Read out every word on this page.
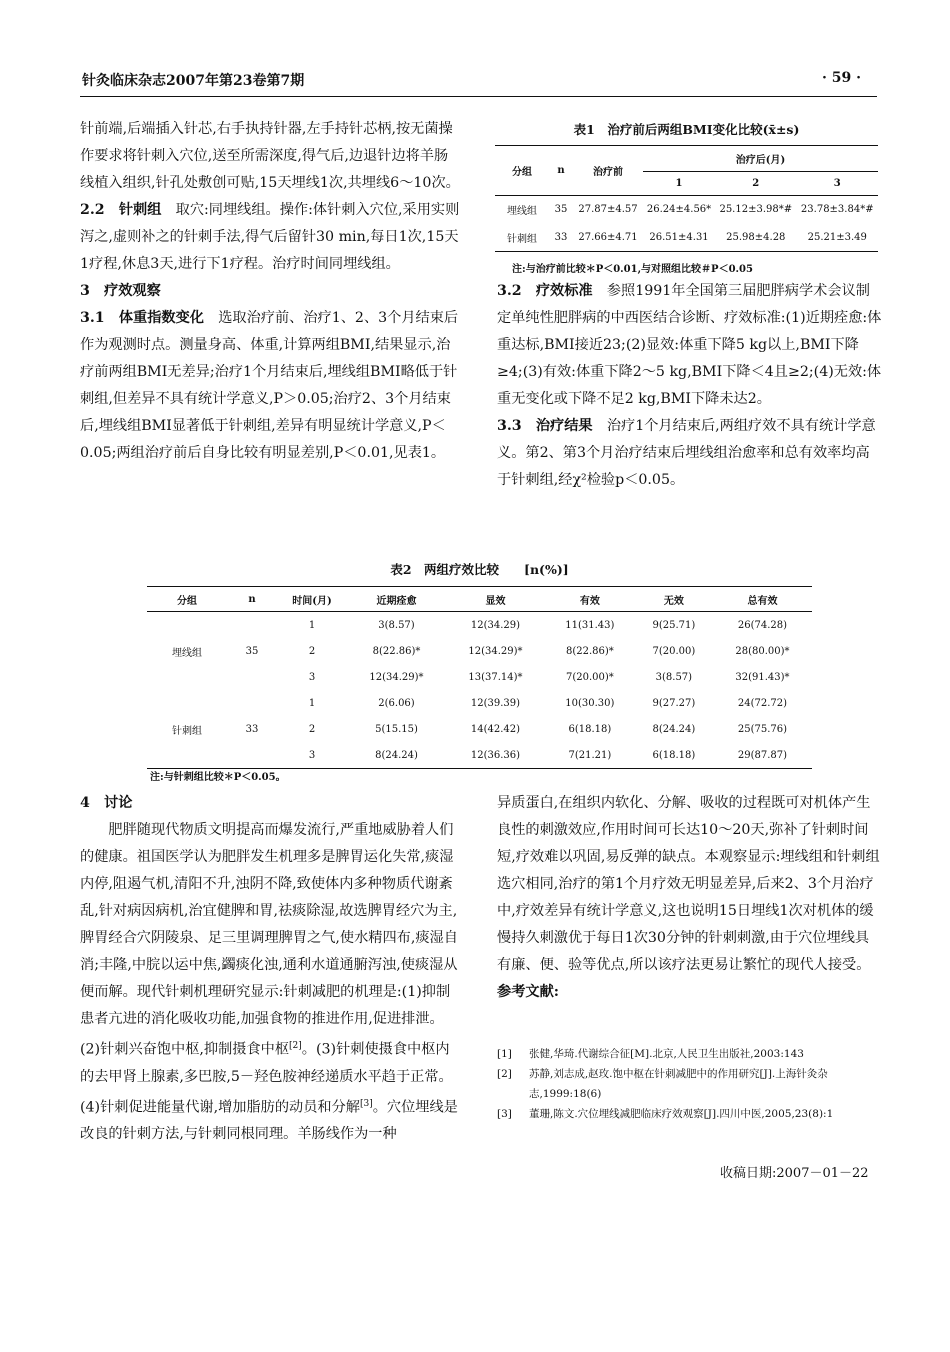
针灸临床杂志2007年第23卷第7期	· 59 ·

针前端,后端插入针芯,右手执持针器,左手持针芯柄,按无菌操作要求将针刺入穴位,送至所需深度,得气后,边退针边将羊肠线植入组织,针孔处敷创可贴,15天埋线1次,共埋线6～10次。

2.2　针刺组　 取穴:同埋线组。操作:体针刺入穴位,采用实则泻之,虚则补之的针刺手法,得气后留针30 min,每日1次,15天1疗程,休息3天,进行下1疗程。治疗时间同埋线组。

3　疗效观察

3.1　体重指数变化　 选取治疗前、治疗1、2、3个月结束后作为观测时点。测量身高、体重,计算两组BMI,结果显示,治疗前两组BMI无差异;治疗1个月结束后,埋线组BMI略低于针刺组,但差异不具有统计学意义,P＞0.05;治疗2、3个月结束后,埋线组BMI显著低于针刺组,差异有明显统计学意义,P＜0.05;两组治疗前后自身比较有明显差别,P＜0.01,见表1。

表1　治疗前后两组BMI变化比较(x̄±s)
分组	n	治疗前	治疗后(月)		
			1	2	3
埋线组	35	27.87±4.57	26.24±4.56*	25.12±3.98*#	23.78±3.84*#
针刺组	33	27.66±4.71	26.51±4.31	25.98±4.28	25.21±3.49
注:与治疗前比较＊P＜0.01,与对照组比较＃P＜0.05

3.2　疗效标准　 参照1991年全国第三届肥胖病学术会议制定单纯性肥胖病的中西医结合诊断、疗效标准:(1)近期痊愈:体重达标,BMI接近23;(2)显效:体重下降5 kg以上,BMI下降≥4;(3)有效:体重下降2～5 kg,BMI下降＜4且≥2;(4)无效:体重无变化或下降不足2 kg,BMI下降未达2。

3.3　治疗结果　 治疗1个月结束后,两组疗效不具有统计学意义。第2、第3个月治疗结束后埋线组治愈率和总有效率均高于针刺组,经χ²检验p＜0.05。

表2　两组疗效比较　　[n(%)]
分组	n	时间(月)	近期痊愈	显效	有效	无效	总有效
埋线组	35	1	3(8.57)	12(34.29)	11(31.43)	9(25.71)	26(74.28)
		2	8(22.86)*	12(34.29)*	8(22.86)*	7(20.00)	28(80.00)*
		3	12(34.29)*	13(37.14)*	7(20.00)*	3(8.57)	32(91.43)*
针刺组	33	1	2(6.06)	12(39.39)	10(30.30)	9(27.27)	24(72.72)
		2	5(15.15)	14(42.42)	6(18.18)	8(24.24)	25(75.76)
		3	8(24.24)	12(36.36)	7(21.21)	6(18.18)	29(87.87)
注:与针刺组比较＊P＜0.05。

4　讨论

肥胖随现代物质文明提高而爆发流行,严重地威胁着人们的健康。祖国医学认为肥胖发生机理多是脾胃运化失常,痰湿内停,阻遏气机,清阳不升,浊阴不降,致使体内多种物质代谢紊乱,针对病因病机,治宜健脾和胃,祛痰除湿,故选脾胃经穴为主,脾胃经合穴阴陵泉、足三里调理脾胃之气,使水精四布,痰湿自消;丰隆,中脘以运中焦,蠲痰化浊,通利水道通腑泻浊,使痰湿从便而解。现代针刺机理研究显示:针刺减肥的机理是:(1)抑制患者亢进的消化吸收功能,加强食物的推进作用,促进排泄。(2)针刺兴奋饱中枢,抑制摄食中枢[2]。(3)针刺使摄食中枢内的去甲肾上腺素,多巴胺,5－羟色胺神经递质水平趋于正常。(4)针刺促进能量代谢,增加脂肪的动员和分解[3]。穴位埋线是改良的针刺方法,与针刺同根同理。羊肠线作为一种

异质蛋白,在组织内软化、分解、吸收的过程既可对机体产生良性的刺激效应,作用时间可长达10～20天,弥补了针刺时间短,疗效难以巩固,易反弹的缺点。本观察显示:埋线组和针刺组选穴相同,治疗的第1个月疗效无明显差异,后来2、3个月治疗中,疗效差异有统计学意义,这也说明15日埋线1次对机体的缓慢持久刺激优于每日1次30分钟的针刺刺激,由于穴位埋线具有廉、便、验等优点,所以该疗法更易让繁忙的现代人接受。

参考文献:

[1]	张健,华琦.代谢综合征[M].北京,人民卫生出版社,2003:143
[2]	苏静,刘志成,赵玫.饱中枢在针刺减肥中的作用研究[J].上海针灸杂志,1999:18(6)
[3]	董珊,陈文.穴位埋线减肥临床疗效观察[J].四川中医,2005,23(8):1
收稿日期:2007－01－22
